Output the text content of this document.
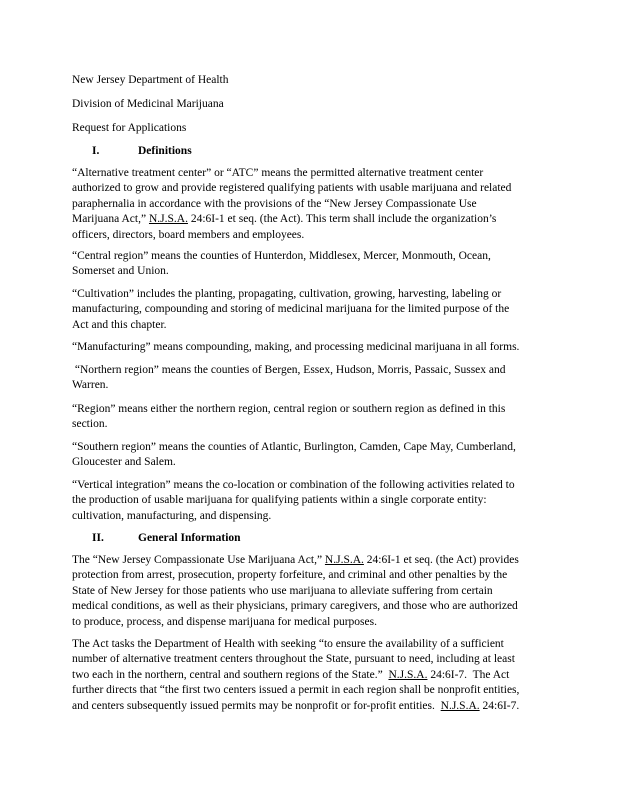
New Jersey Department of Health
Division of Medicinal Marijuana
Request for Applications
I.	Definitions
“Alternative treatment center” or “ATC” means the permitted alternative treatment center
authorized to grow and provide registered qualifying patients with usable marijuana and related
paraphernalia in accordance with the provisions of the “New Jersey Compassionate Use
Marijuana Act,” N.J.S.A. 24:6I-1 et seq. (the Act). This term shall include the organization’s
officers, directors, board members and employees.
“Central region” means the counties of Hunterdon, Middlesex, Mercer, Monmouth, Ocean,
Somerset and Union.
“Cultivation” includes the planting, propagating, cultivation, growing, harvesting, labeling or
manufacturing, compounding and storing of medicinal marijuana for the limited purpose of the
Act and this chapter.
“Manufacturing” means compounding, making, and processing medicinal marijuana in all forms.
“Northern region” means the counties of Bergen, Essex, Hudson, Morris, Passaic, Sussex and
Warren.
“Region” means either the northern region, central region or southern region as defined in this
section.
“Southern region” means the counties of Atlantic, Burlington, Camden, Cape May, Cumberland,
Gloucester and Salem.
“Vertical integration” means the co-location or combination of the following activities related to
the production of usable marijuana for qualifying patients within a single corporate entity:
cultivation, manufacturing, and dispensing.
II.	General Information
The “New Jersey Compassionate Use Marijuana Act,” N.J.S.A. 24:6I-1 et seq. (the Act) provides
protection from arrest, prosecution, property forfeiture, and criminal and other penalties by the
State of New Jersey for those patients who use marijuana to alleviate suffering from certain
medical conditions, as well as their physicians, primary caregivers, and those who are authorized
to produce, process, and dispense marijuana for medical purposes.
The Act tasks the Department of Health with seeking “to ensure the availability of a sufficient
number of alternative treatment centers throughout the State, pursuant to need, including at least
two each in the northern, central and southern regions of the State.”  N.J.S.A. 24:6I-7.  The Act
further directs that “the first two centers issued a permit in each region shall be nonprofit entities,
and centers subsequently issued permits may be nonprofit or for-profit entities.  N.J.S.A. 24:6I-7.
